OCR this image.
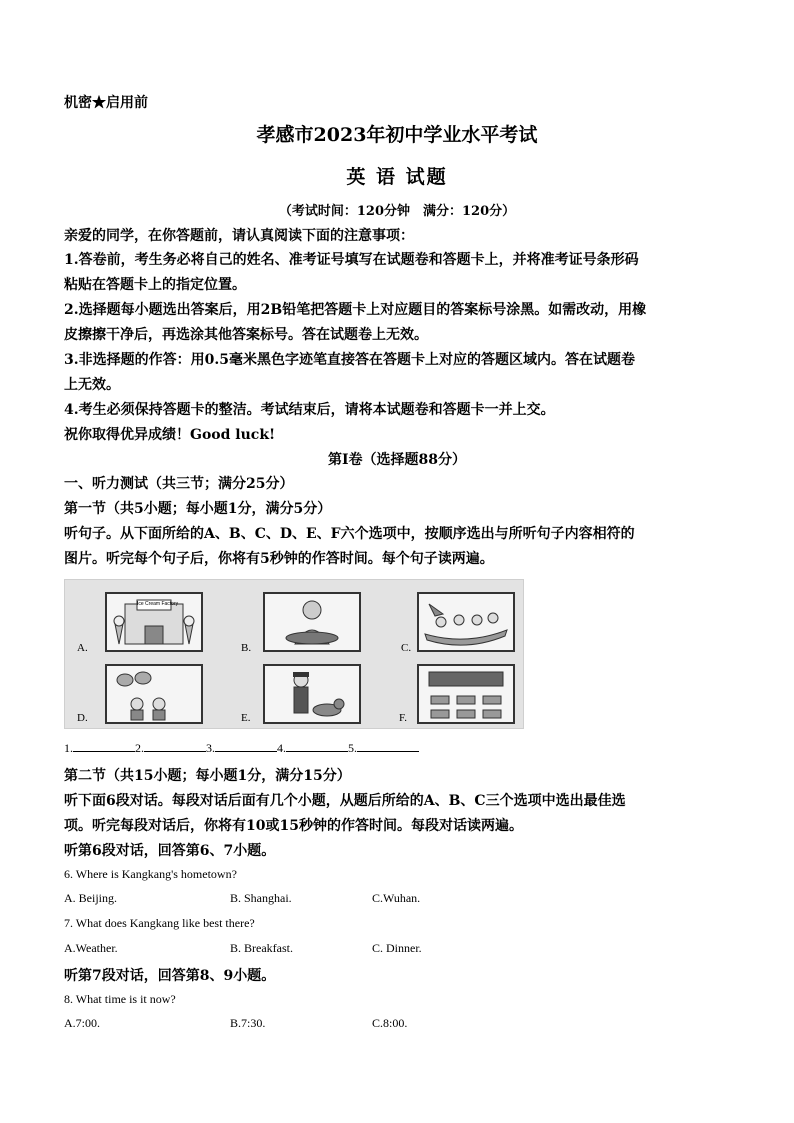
机密★启用前
孝感市2023年初中学业水平考试
英 语 试题
（考试时间：120分钟　满分：120分）
亲爱的同学，在你答题前，请认真阅读下面的注意事项：
1.答卷前，考生务必将自己的姓名、准考证号填写在试题卷和答题卡上，并将准考证号条形码
粘贴在答题卡上的指定位置。
2.选择题每小题选出答案后，用2B铅笔把答题卡上对应题目的答案标号涂黑。如需改动，用橡
皮擦擦干净后，再选涂其他答案标号。答在试题卷上无效。
3.非选择题的作答：用0.5毫米黑色字迹笔直接答在答题卡上对应的答题区域内。答在试题卷
上无效。
4.考生必须保持答题卡的整洁。考试结束后，请将本试题卷和答题卡一并上交。
祝你取得优异成绩！Good luck!
第Ⅰ卷（选择题88分）
一、听力测试（共三节；满分25分）
第一节（共5小题；每小题1分，满分5分）
听句子。从下面所给的A、B、C、D、E、F六个选项中，按顺序选出与所听句子内容相符的
图片。听完每个句子后，你将有5秒钟的作答时间。每个句子读两遍。
Ice Cream Factory
A.	B.	C.
D.	E.	F.
1.	2.	3.	4.	5.
第二节（共15小题；每小题1分，满分15分）
听下面6段对话。每段对话后面有几个小题，从题后所给的A、B、C三个选项中选出最佳选
项。听完每段对话后，你将有10或15秒钟的作答时间。每段对话读两遍。
听第6段对话，回答第6、7小题。
6. Where is Kangkang's hometown?
A. Beijing.	B. Shanghai.	C.Wuhan.
7. What does Kangkang like best there?
A.Weather.	B. Breakfast.	C. Dinner.
听第7段对话，回答第8、9小题。
8. What time is it now?
A.7:00.	B.7:30.	C.8:00.
